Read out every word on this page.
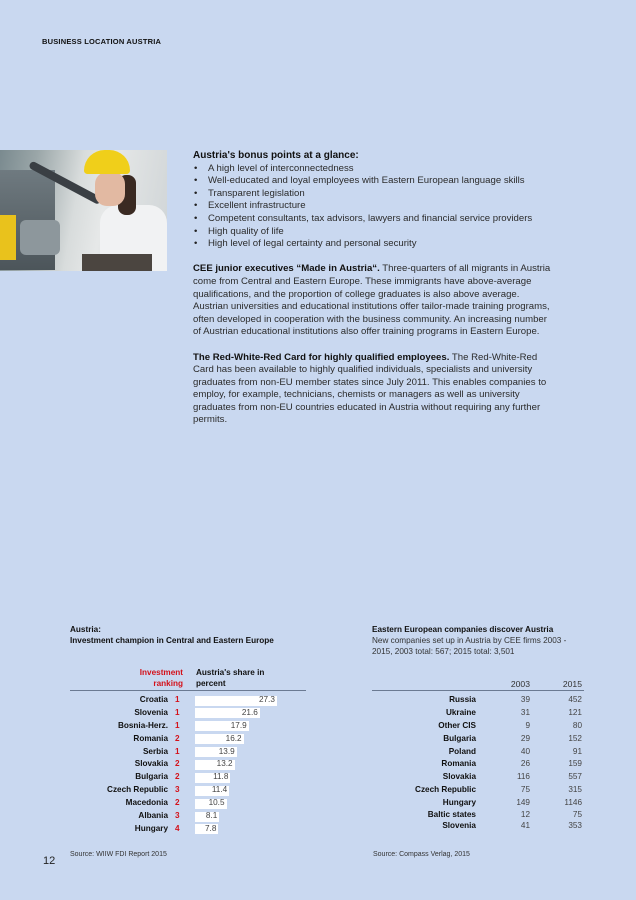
BUSINESS LOCATION AUSTRIA
Austria's bonus points at a glance:
• A high level of interconnectedness
• Well-educated and loyal employees with Eastern European language skills
• Transparent legislation
• Excellent infrastructure
• Competent consultants, tax advisors, lawyers and financial service providers
• High quality of life
• High level of legal certainty and personal security

CEE junior executives “Made in Austria“. Three-quarters of all migrants in Austria come from Central and Eastern Europe. These immigrants have above-average qualifications, and the proportion of college graduates is also above average. Austrian universities and educational institutions offer tailor-made training programs, often developed in cooperation with the business community. An increasing number of Austrian educational institutions also offer training programs in Eastern Europe.

The Red-White-Red Card for highly qualified employees. The Red-White-Red Card has been available to highly qualified individuals, specialists and university graduates from non-EU member states since July 2011. This enables companies to employ, for example, technicians, chemists or managers as well as university graduates from non-EU countries educated in Austria without requiring any further permits.

Austria:
Investment champion in Central and Eastern Europe
Investment
ranking
Austria's share in
percent
Croatia 1	27.3
Slovenia 1	21.6
Bosnia-Herz. 1	17.9
Romania 2	16.2
Serbia 1	13.9
Slovakia 2	13.2
Bulgaria 2	11.8
Czech Republic 3	11.4
Macedonia 2	10.5
Albania 3	8.1
Hungary 4	7.8
Eastern European companies discover Austria
New companies set up in Austria by CEE firms 2003 - 2015, 2003 total: 567; 2015 total: 3,501
2003	2015
Russia	39	452
Ukraine	31	121
Other CIS	9	80
Bulgaria	29	152
Poland	40	91
Romania	26	159
Slovakia	116	557
Czech Republic	75	315
Hungary	149	1146
Baltic states	12	75
Slovenia	41	353
12
Source: WIIW FDI Report 2015	Source: Compass Verlag, 2015
